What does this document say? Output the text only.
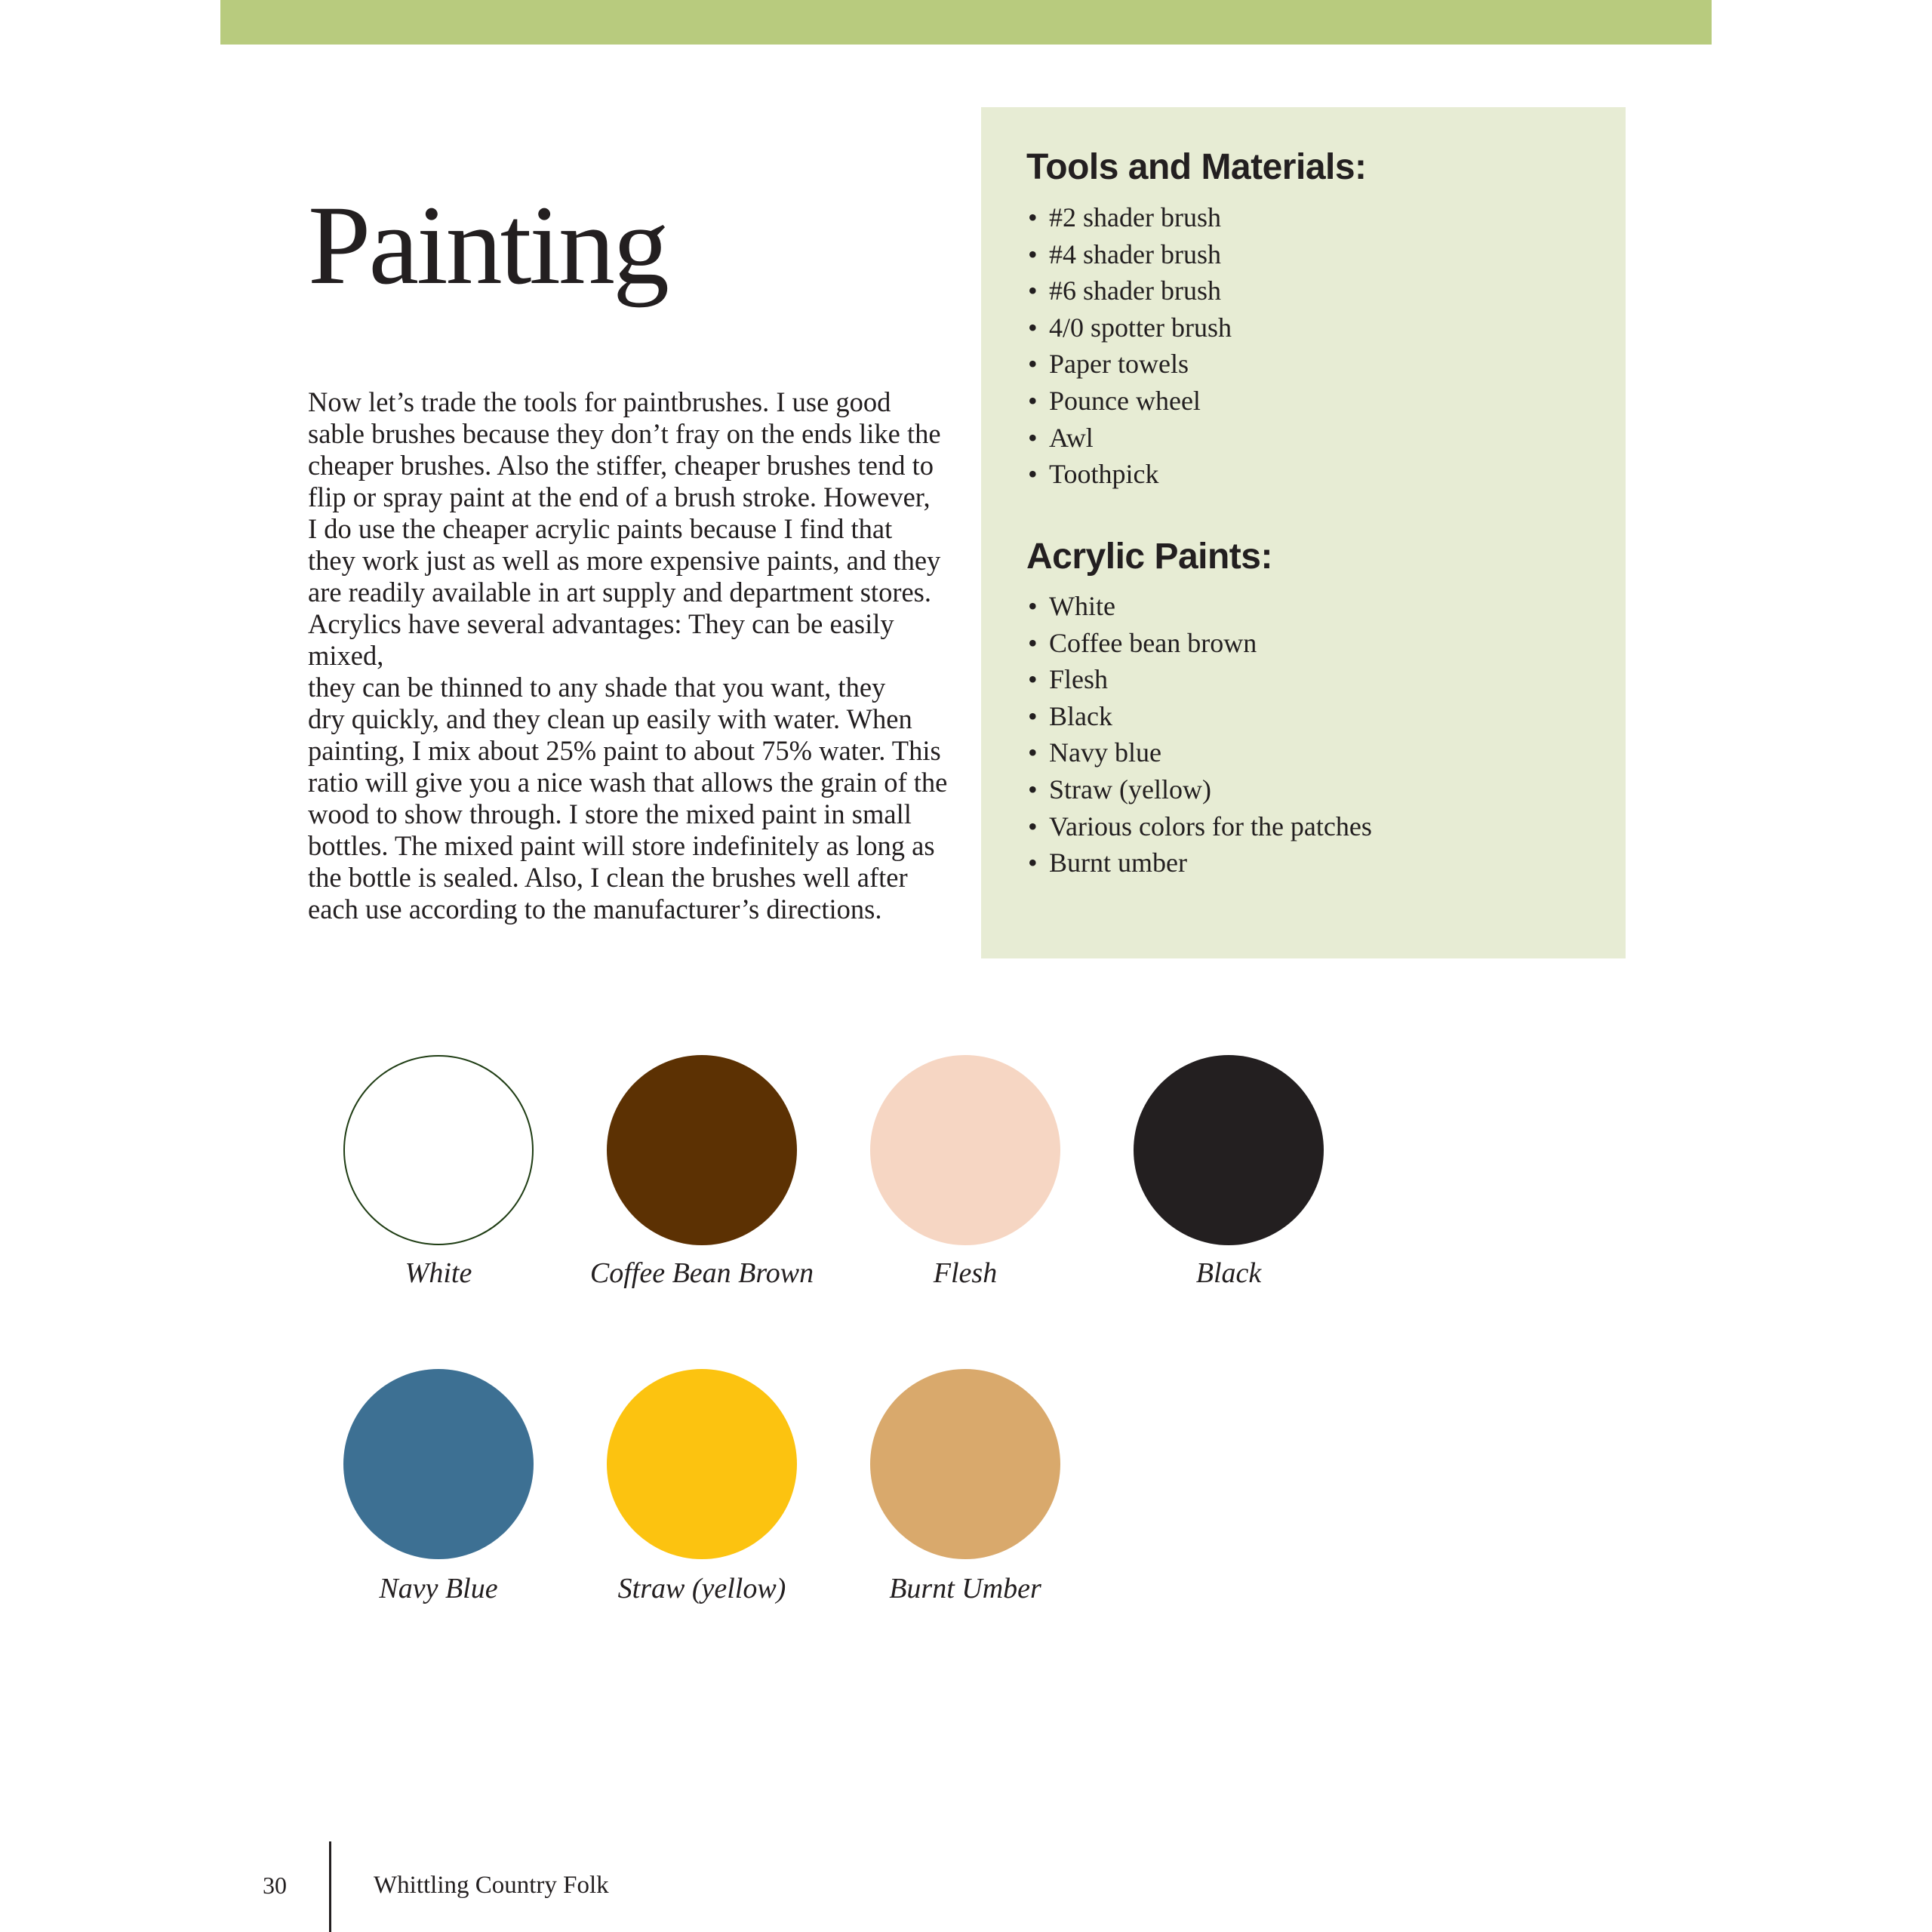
Painting

Now let’s trade the tools for paintbrushes. I use good
sable brushes because they don’t fray on the ends like the
cheaper brushes. Also the stiffer, cheaper brushes tend to
flip or spray paint at the end of a brush stroke. However,
I do use the cheaper acrylic paints because I find that
they work just as well as more expensive paints, and they
are readily available in art supply and department stores.
Acrylics have several advantages: They can be easily mixed,
they can be thinned to any shade that you want, they
dry quickly, and they clean up easily with water. When
painting, I mix about 25% paint to about 75% water. This
ratio will give you a nice wash that allows the grain of the
wood to show through. I store the mixed paint in small
bottles. The mixed paint will store indefinitely as long as
the bottle is sealed. Also, I clean the brushes well after
each use according to the manufacturer’s directions.

Tools and Materials:
• #2 shader brush
• #4 shader brush
• #6 shader brush
• 4/0 spotter brush
• Paper towels
• Pounce wheel
• Awl
• Toothpick
Acrylic Paints:
• White
• Coffee bean brown
• Flesh
• Black
• Navy blue
• Straw (yellow)
• Various colors for the patches
• Burnt umber
White	Coffee Bean Brown	Flesh	Black
Navy Blue	Straw (yellow)	Burnt Umber
30	Whittling Country Folk
